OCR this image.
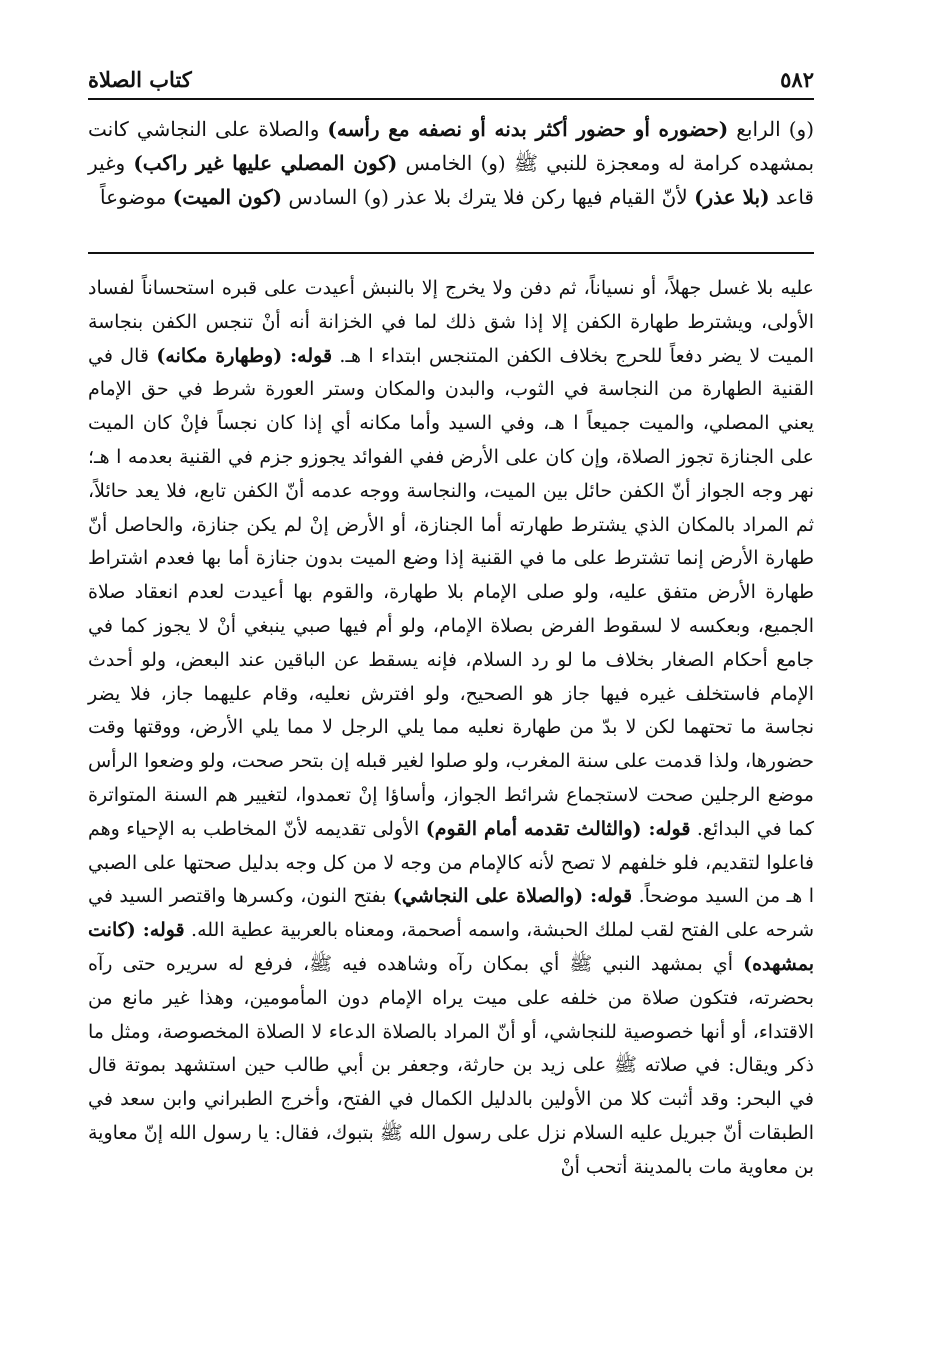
٥٨٢
كتاب الصلاة

(و) الرابع (حضوره أو حضور أكثر بدنه أو نصفه مع رأسه) والصلاة على النجاشي كانت بمشهده كرامة له ومعجزة للنبي ﷺ (و) الخامس (كون المصلي عليها غير راكب) وغير قاعد (بلا عذر) لأنّ القيام فيها ركن فلا يترك بلا عذر (و) السادس (كون الميت) موضوعاً

عليه بلا غسل جهلاً، أو نسياناً، ثم دفن ولا يخرج إلا بالنبش أعيدت على قبره استحساناً لفساد الأولى، ويشترط طهارة الكفن إلا إذا شق ذلك لما في الخزانة أنه أنْ تنجس الكفن بنجاسة الميت لا يضر دفعاً للحرج بخلاف الكفن المتنجس ابتداء ا هـ. قوله: (وطهارة مكانه) قال في القنية الطهارة من النجاسة في الثوب، والبدن والمكان وستر العورة شرط في حق الإمام يعني المصلي، والميت جميعاً ا هـ، وفي السيد وأما مكانه أي إذا كان نجساً فإنْ كان الميت على الجنازة تجوز الصلاة، وإن كان على الأرض ففي الفوائد يجوزو جزم في القنية بعدمه ا هـ؛ نهر وجه الجواز أنّ الكفن حائل بين الميت، والنجاسة ووجه عدمه أنّ الكفن تابع، فلا يعد حائلاً، ثم المراد بالمكان الذي يشترط طهارته أما الجنازة، أو الأرض إنْ لم يكن جنازة، والحاصل أنّ طهارة الأرض إنما تشترط على ما في القنية إذا وضع الميت بدون جنازة أما بها فعدم اشتراط طهارة الأرض متفق عليه، ولو صلى الإمام بلا طهارة، والقوم بها أعيدت لعدم انعقاد صلاة الجميع، وبعكسه لا لسقوط الفرض بصلاة الإمام، ولو أم فيها صبي ينبغي أنْ لا يجوز كما في جامع أحكام الصغار بخلاف ما لو رد السلام، فإنه يسقط عن الباقين عند البعض، ولو أحدث الإمام فاستخلف غيره فيها جاز هو الصحيح، ولو افترش نعليه، وقام عليهما جاز، فلا يضر نجاسة ما تحتهما لكن لا بدّ من طهارة نعليه مما يلي الرجل لا مما يلي الأرض، ووقتها وقت حضورها، ولذا قدمت على سنة المغرب، ولو صلوا لغير قبله إن بتحر صحت، ولو وضعوا الرأس موضع الرجلين صحت لاستجماع شرائط الجواز، وأساؤا إنْ تعمدوا، لتغيير هم السنة المتواترة كما في البدائع. قوله: (والثالث تقدمه أمام القوم) الأولى تقديمه لأنّ المخاطب به الإحياء وهم فاعلوا لتقديم، فلو خلفهم لا تصح لأنه كالإمام من وجه لا من كل وجه بدليل صحتها على الصبي ا هـ من السيد موضحاً. قوله: (والصلاة على النجاشي) بفتح النون، وكسرها واقتصر السيد في شرحه على الفتح لقب لملك الحبشة، واسمه أصحمة، ومعناه بالعربية عطية الله. قوله: (كانت بمشهده) أي بمشهد النبي ﷺ أي بمكان رآه وشاهده فيه ﷺ، فرفع له سريره حتى رآه بحضرته، فتكون صلاة من خلفه على ميت يراه الإمام دون المأمومين، وهذا غير مانع من الاقتداء، أو أنها خصوصية للنجاشي، أو أنّ المراد بالصلاة الدعاء لا الصلاة المخصوصة، ومثل ما ذكر ويقال: في صلاته ﷺ على زيد بن حارثة، وجعفر بن أبي طالب حين استشهد بموتة قال في البحر: وقد أثبت كلا من الأولين بالدليل الكمال في الفتح، وأخرج الطبراني وابن سعد في الطبقات أنّ جبريل عليه السلام نزل على رسول الله ﷺ بتبوك، فقال: يا رسول الله إنّ معاوية بن معاوية مات بالمدينة أتحب أنْ
